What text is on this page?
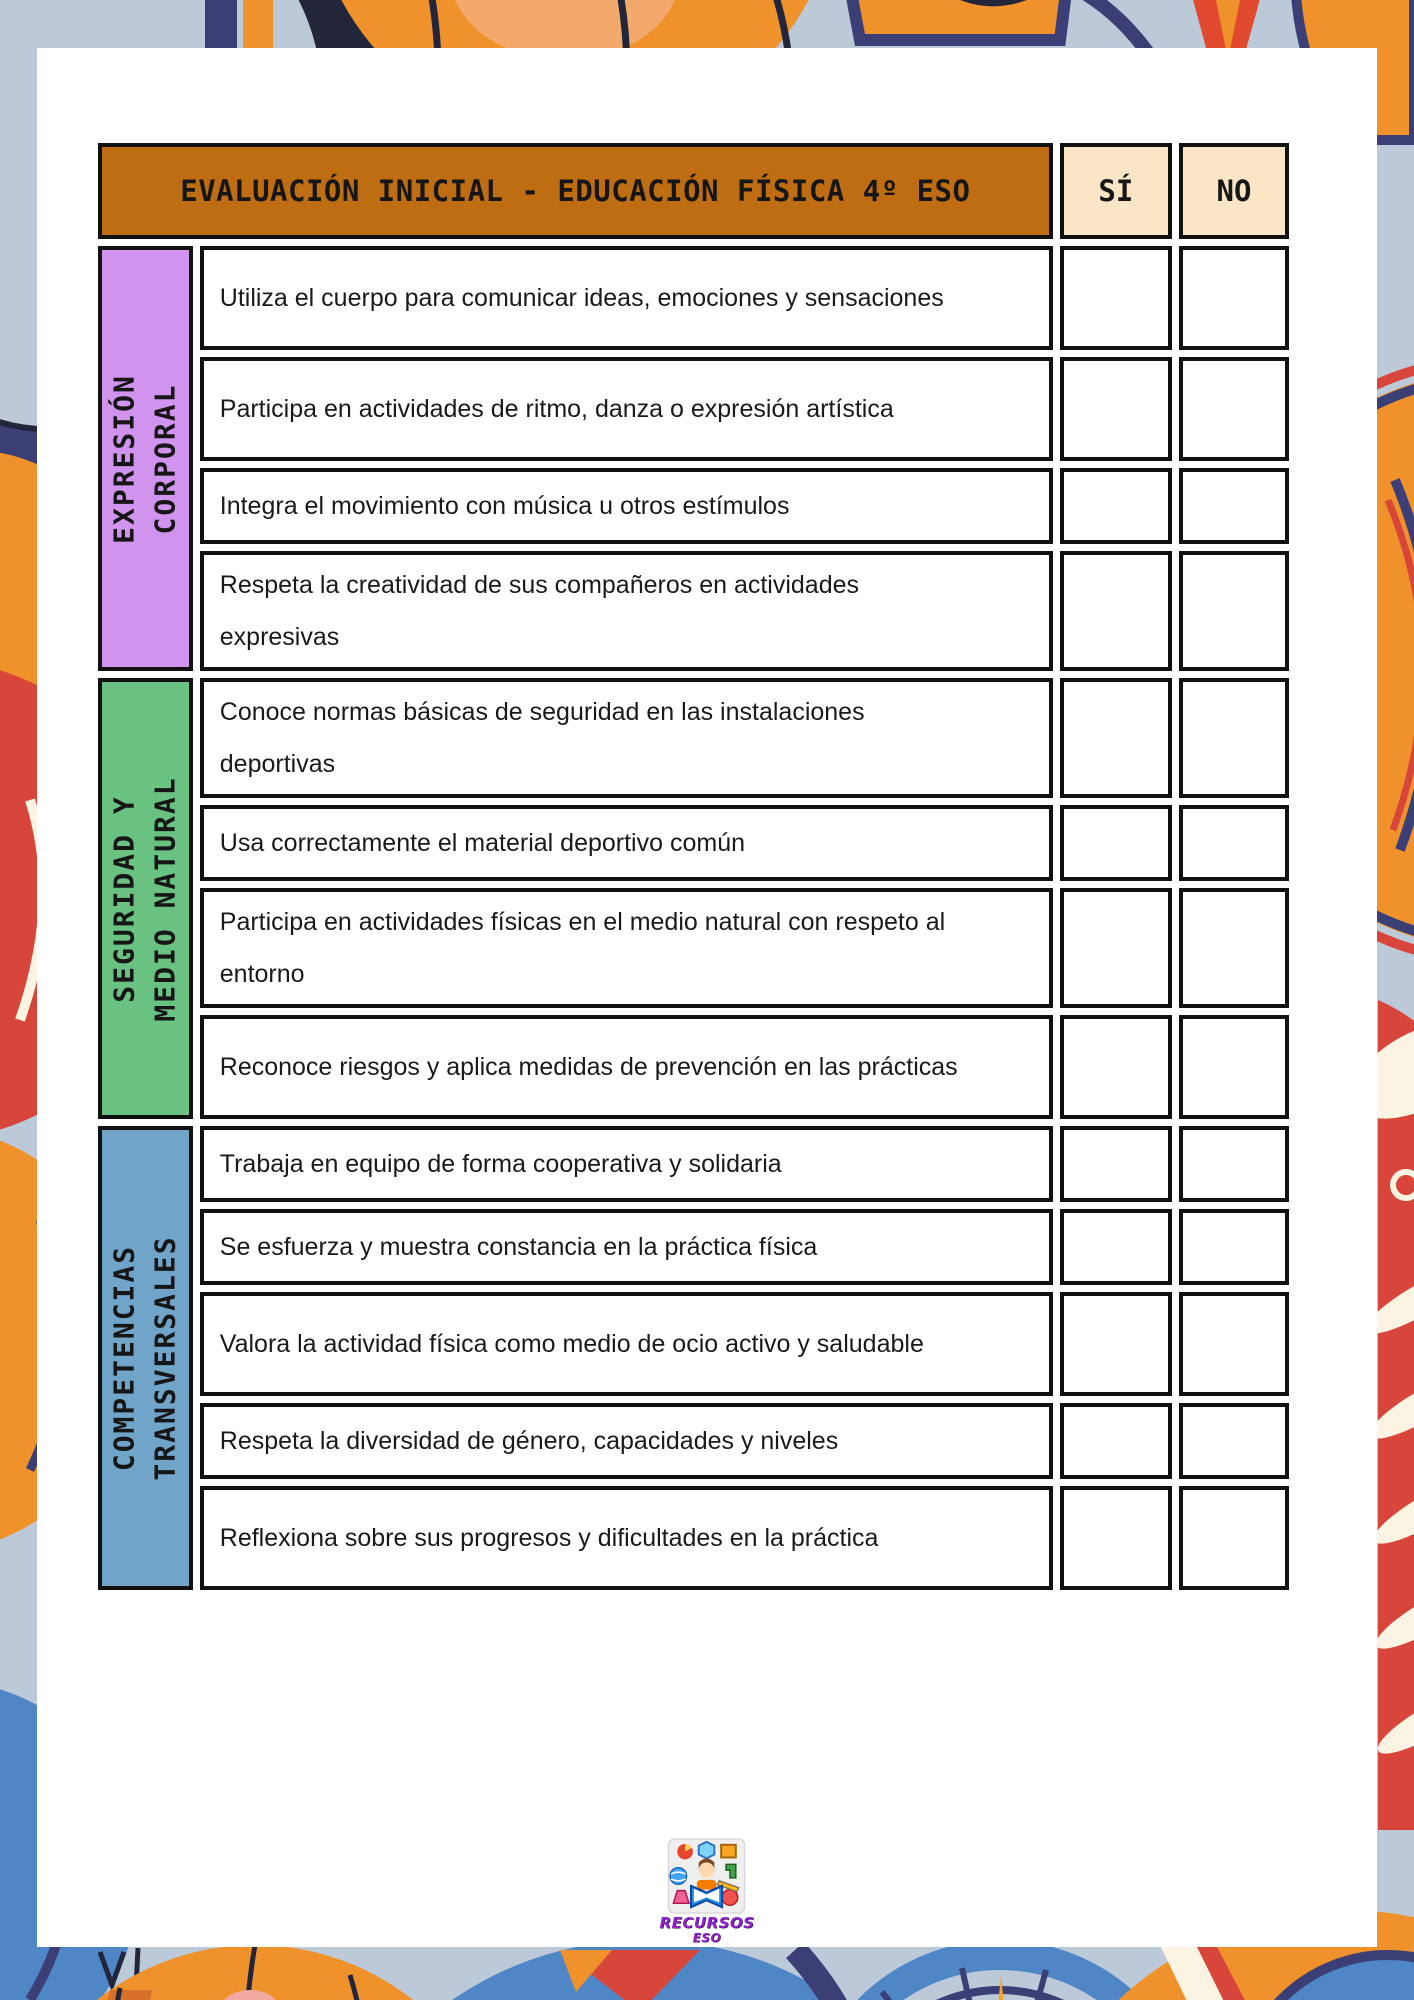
EVALUACIÓN INICIAL - EDUCACIÓN FÍSICA 4º ESO		SÍ	NO

EXPRESIÓN CORPORAL	Utiliza el cuerpo para comunicar ideas, emociones y sensaciones		
	Participa en actividades de ritmo, danza o expresión artística		
	Integra el movimiento con música u otros estímulos		
	Respeta la creatividad de sus compañeros en actividades expresivas		

SEGURIDAD Y MEDIO NATURAL	Conoce normas básicas de seguridad en las instalaciones deportivas		
	Usa correctamente el material deportivo común		
	Participa en actividades físicas en el medio natural con respeto al entorno		
	Reconoce riesgos y aplica medidas de prevención en las prácticas		

COMPETENCIAS TRANSVERSALES	Trabaja en equipo de forma cooperativa y solidaria		
	Se esfuerza y muestra constancia en la práctica física		
	Valora la actividad física como medio de ocio activo y saludable		
	Respeta la diversidad de género, capacidades y niveles		
	Reflexiona sobre sus progresos y dificultades en la práctica		
RECURSOS
ESO
